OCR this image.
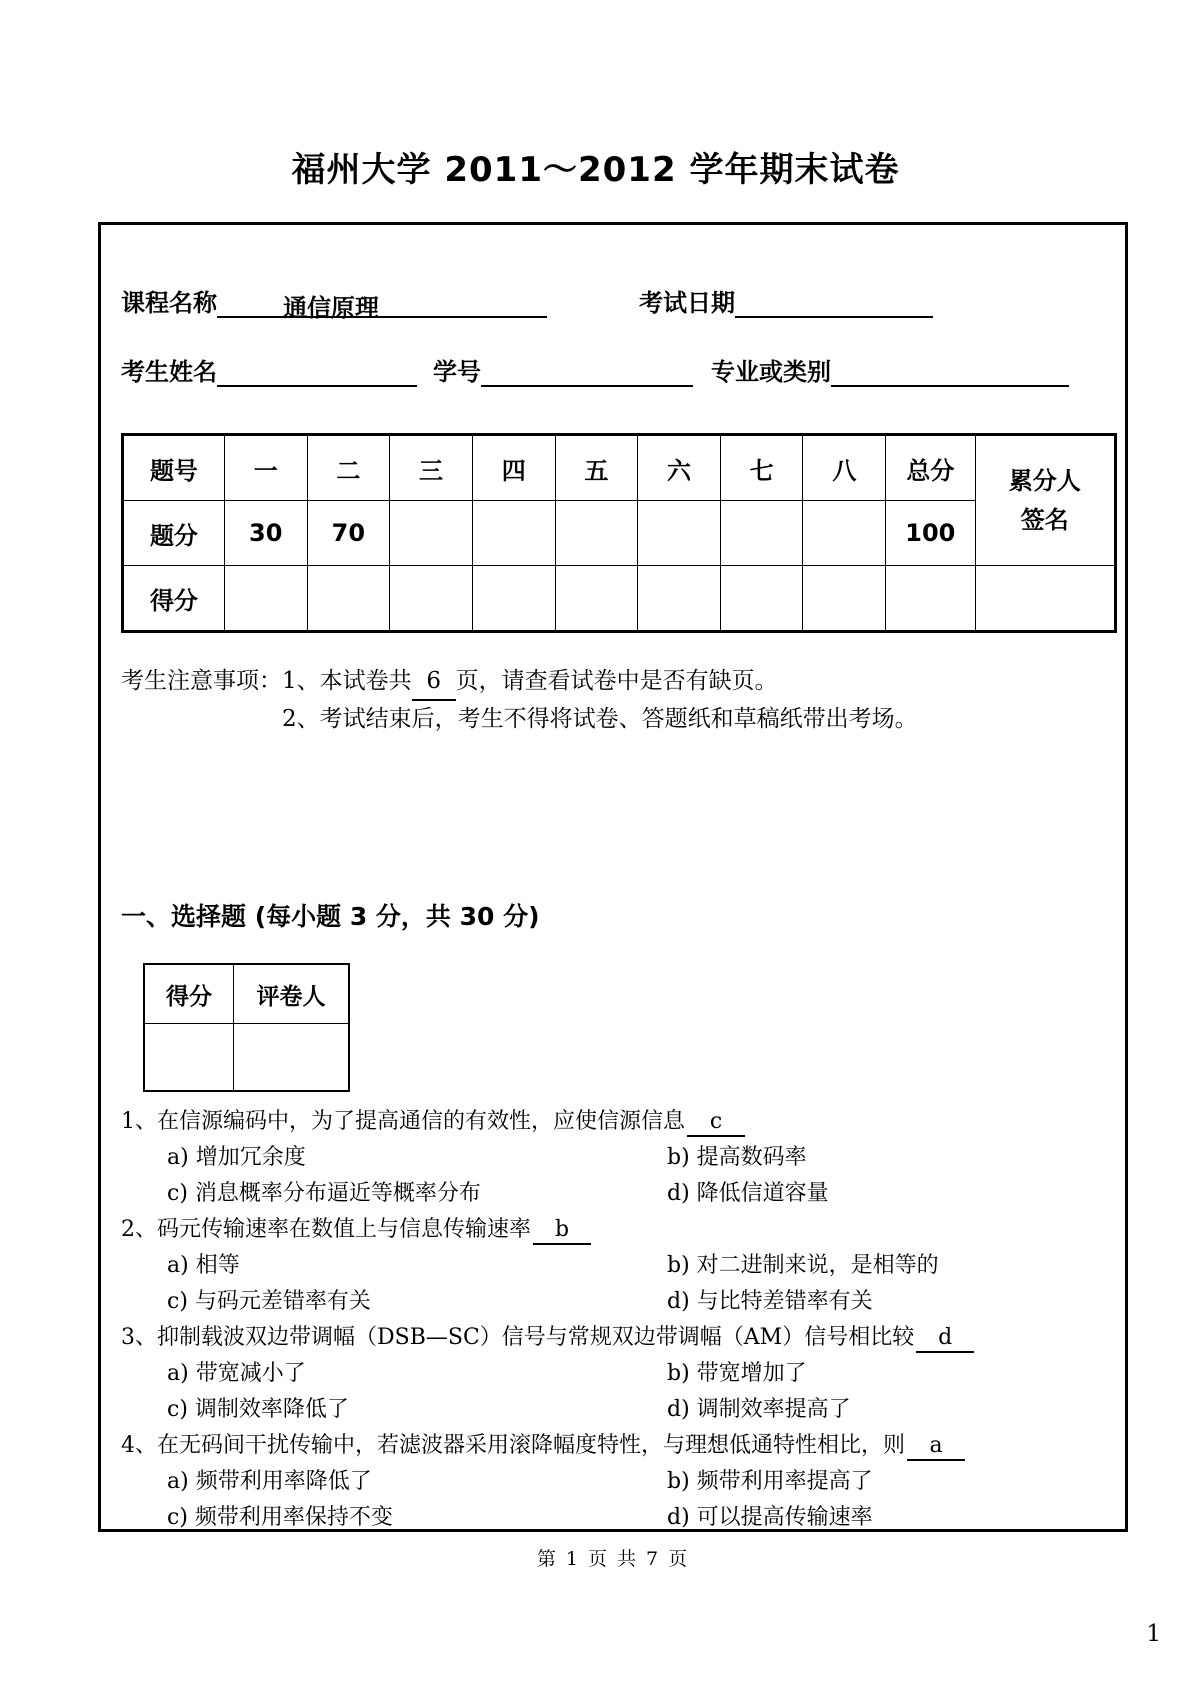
福州大学 2011～2012 学年期末试卷
课程名称	通信原理	考试日期
考生姓名	学号	专业或类别
题号	一	二	三	四	五	六	七	八	总分	累分人
签名

题分	30	70							100	
得分										
考生注意事项： 1、本试卷共 6 页，请查看试卷中是否有缺页。
2、考试结束后，考生不得将试卷、答题纸和草稿纸带出考场。
一、选择题 (每小题 3 分，共 30 分)
得分	评卷人

1、在信源编码中，为了提高通信的有效性，应使信源信息 c
a) 增加冗余度	b) 提高数码率
c) 消息概率分布逼近等概率分布	d) 降低信道容量
2、码元传输速率在数值上与信息传输速率 b
a) 相等	b) 对二进制来说，是相等的
c) 与码元差错率有关	d) 与比特差错率有关
3、抑制载波双边带调幅（DSB—SC）信号与常规双边带调幅（AM）信号相比较 d
a) 带宽减小了	b) 带宽增加了
c) 调制效率降低了	d) 调制效率提高了
4、在无码间干扰传输中，若滤波器采用滚降幅度特性，与理想低通特性相比，则 a
a) 频带利用率降低了	b) 频带利用率提高了
c) 频带利用率保持不变	d) 可以提高传输速率
第 1 页 共 7 页
1
